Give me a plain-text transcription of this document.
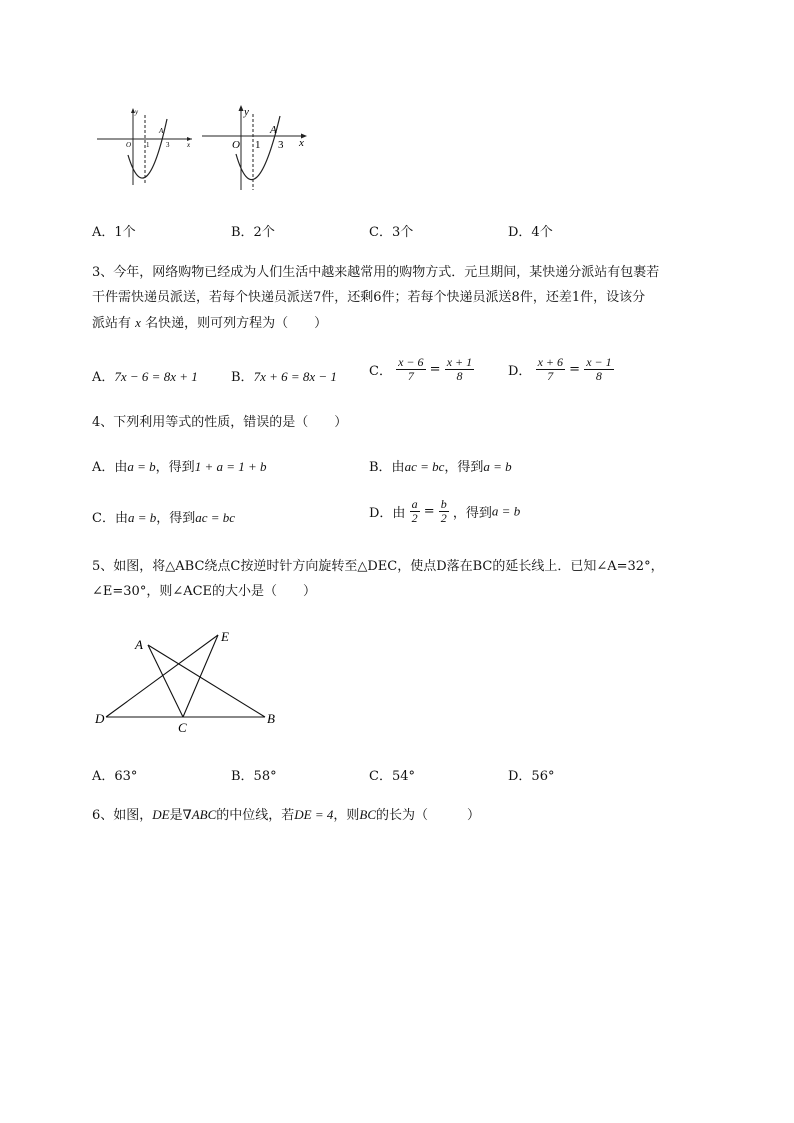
y
O 1
A
3	x
y
O 1
A
3 x
A．1个	B．2个	C．3个	D．4个
3、今年，网络购物已经成为人们生活中越来越常用的购物方式．元旦期间，某快递分派站有包裹若
干件需快递员派送，若每个快递员派送7件，还剩6件；若每个快递员派送8件，还差1件，设该分
派站有 x 名快递，则可列方程为（　　）
A．7x − 6 = 8x + 1	B．7x + 6 = 8x − 1 C． $\frac{x - 6}{7} = \frac{x + 1}{8}$	D． $\frac{x + 6}{7} = \frac{x - 1}{8}$
4、下列利用等式的性质，错误的是（　　）
A．由a = b，得到1 + a = 1 + b	B．由ac = bc，得到a = b
C．由a = b，得到ac = bc	D．由 $\frac{a}{2} = \frac{b}{2}$ ，得到a = b
5、如图，将△ABC绕点C按逆时针方向旋转至△DEC，使点D落在BC的延长线上．已知∠A=32°，
∠E=30°，则∠ACE的大小是（　　）
A
E
D
C
B
A．63°	B．58°	C．54°	D．56°
6、如图，DE是∇ABC的中位线，若DE = 4，则BC的长为（　　　）
